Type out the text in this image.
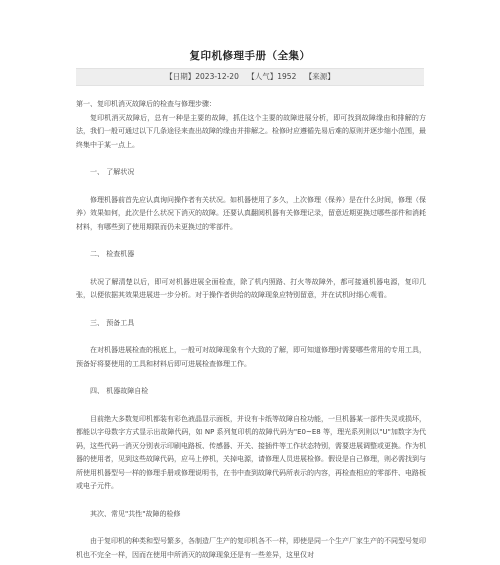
复印机修理手册（全集）
【日期】2023-12-20 【人气】1952 【来源】

第一、复印机消灭故障后的检查与修理步骤：

复印机消灭故障后，总有一种是主要的故障，抓住这个主要的故障进展分析，即可找到故障缘由和排解的方法，我们一般可通过以下几条途径来查出故障的缘由并排解之。检修时应遵循先易后难的原则并逐步缩小范围，最终集中于某一点上。

一、 了解状况

修理机器前首先应认真询问操作者有关状况。如机器使用了多久，上次修理（保养）是在什么时间，修理（保养）效果如何，此次是什么状况下消灭的故障。还要认真翻阅机器有关修理记录，留意近期更换过哪些部件和消耗材料，有哪些到了使用期限而仍未更换过的零部件。

二、 检查机器

状况了解清楚以后，即可对机器进展全面检查，除了机内照路、打火等故障外，都可接通机器电源，复印几张，以便依据其效果进展进一步分析。对于操作者供给的故障现象应特别留意，并在试机时细心观看。

三、 预备工具

在对机器进展检查的根底上，一般可对故障现象有个大致的了解，即可知道修理时需要哪些常用的专用工具，预备好将要使用的工具和材料后即可进展检查修理工作。

四、 机器故障自检

目前绝大多数复印机都装有彩色液晶显示面板，并设有卡纸等故障自检功能，一旦机器某一部件失灵或损坏，都能以字母数字方式显示出故障代码，如 NP 系列复印机的故障代码为"E0~E8 等，理光系列则以"U"加数字为代码，这些代码一消灭分别表示印刷电路板、传感器、开关、接插件等工作状态特别，需要进展调整或更换。作为机器的使用者，见到这些故障代码，应马上停机，关掉电源，请修理人员进展检修。假设是自己修理，则必需找到与所使用机器型号一样的修理手册或修理说明书，在书中查到故障代码所表示的内容，再检查相应的零部件、电路板或电子元件。

其次、常见"共性"故障的检修

由于复印机的种类和型号繁多，各制造厂生产的复印机各不一样，即使是同一个生产厂家生产的不同型号复印机也不完全一样，因而在使用中所消灭的故障现象还是有一些差异，这里仅对
